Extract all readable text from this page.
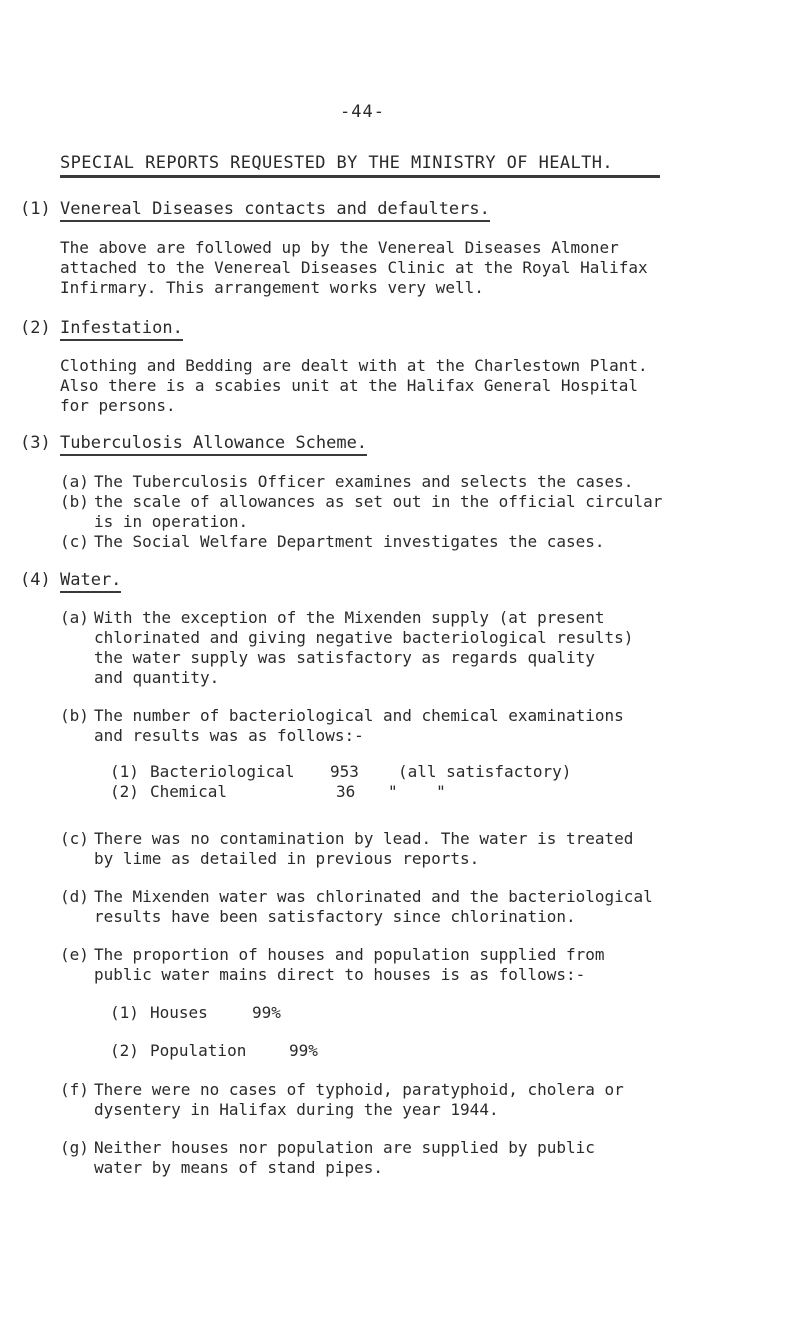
-44-
SPECIAL REPORTS REQUESTED BY THE MINISTRY OF HEALTH.
(1) Venereal Diseases contacts and defaulters.
The above are followed up by the Venereal Diseases Almoner
attached to the Venereal Diseases Clinic at the Royal Halifax
Infirmary. This arrangement works very well.
(2) Infestation.
Clothing and Bedding are dealt with at the Charlestown Plant.
Also there is a scabies unit at the Halifax General Hospital
for persons.
(3) Tuberculosis Allowance Scheme.
(a) The Tuberculosis Officer examines and selects the cases.
(b) the scale of allowances as set out in the official circular
is in operation.
(c) The Social Welfare Department investigates the cases.
(4) Water.
(a) With the exception of the Mixenden supply (at present
chlorinated and giving negative bacteriological results)
the water supply was satisfactory as regards quality
and quantity.
(b) The number of bacteriological and chemical examinations
and results was as follows:-
(1) Bacteriological 953 (all satisfactory)
(2) Chemical	36 "    "
(c) There was no contamination by lead. The water is treated
by lime as detailed in previous reports.
(d) The Mixenden water was chlorinated and the bacteriological
results have been satisfactory since chlorination.
(e) The proportion of houses and population supplied from
public water mains direct to houses is as follows:-
(1) Houses	99%
(2) Population	99%
(f) There were no cases of typhoid, paratyphoid, cholera or
dysentery in Halifax during the year 1944.
(g) Neither houses nor population are supplied by public
water by means of stand pipes.
